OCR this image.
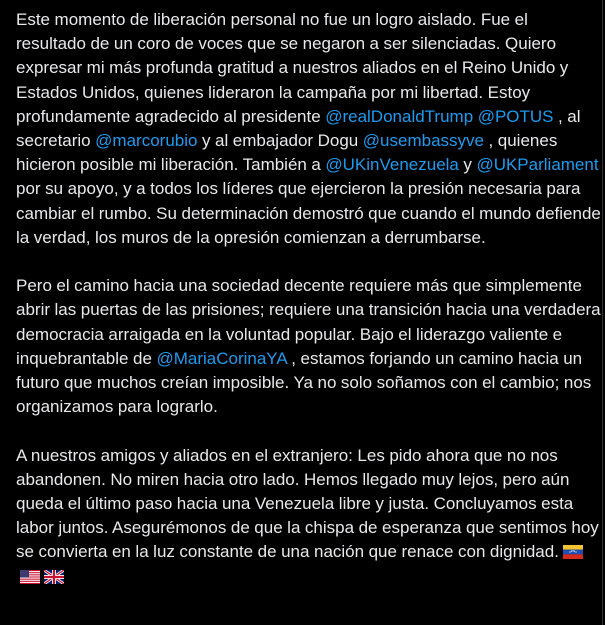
Este momento de liberación personal no fue un logro aislado. Fue el resultado de un coro de voces que se negaron a ser silenciadas. Quiero expresar mi más profunda gratitud a nuestros aliados en el Reino Unido y Estados Unidos, quienes lideraron la campaña por mi libertad. Estoy profundamente agradecido al presidente @realDonaldTrump @POTUS , al secretario @marcorubio y al embajador Dogu @usembassyve , quienes hicieron posible mi liberación. También a @UKinVenezuela y @UKParliament por su apoyo, y a todos los líderes que ejercieron la presión necesaria para cambiar el rumbo. Su determinación demostró que cuando el mundo defiende la verdad, los muros de la opresión comienzan a derrumbarse.

Pero el camino hacia una sociedad decente requiere más que simplemente abrir las puertas de las prisiones; requiere una transición hacia una verdadera democracia arraigada en la voluntad popular. Bajo el liderazgo valiente e inquebrantable de @MariaCorinaYA , estamos forjando un camino hacia un futuro que muchos creían imposible. Ya no solo soñamos con el cambio; nos organizamos para lograrlo.

A nuestros amigos y aliados en el extranjero: Les pido ahora que no nos abandonen. No miren hacia otro lado. Hemos llegado muy lejos, pero aún queda el último paso hacia una Venezuela libre y justa. Concluyamos esta labor juntos. Asegurémonos de que la chispa de esperanza que sentimos hoy se convierta en la luz constante de una nación que renace con dignidad.
